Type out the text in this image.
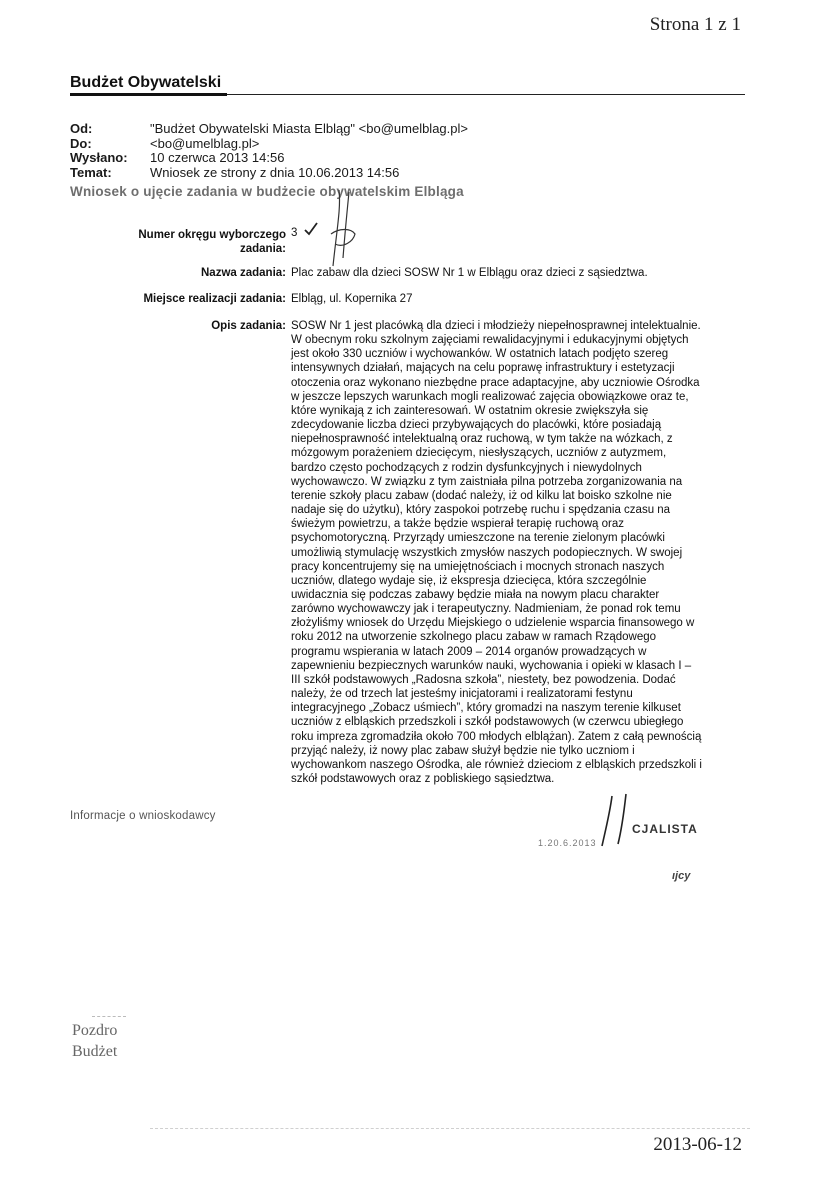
Strona 1 z 1
Budżet Obywatelski
Od:	"Budżet Obywatelski Miasta Elbląg" <bo@umelblag.pl>
Do:	<bo@umelblag.pl>
Wysłano:	10 czerwca 2013 14:56
Temat:	Wniosek ze strony z dnia 10.06.2013 14:56
Wniosek o ujęcie zadania w budżecie obywatelskim Elbląga
Numer okręgu wyborczego
zadania:
3
Nazwa zadania: Plac zabaw dla dzieci SOSW Nr 1 w Elblągu oraz dzieci z sąsiedztwa.
Miejsce realizacji zadania: Elbląg, ul. Kopernika 27
Opis zadania: SOSW Nr 1 jest placówką dla dzieci i młodzieży niepełnosprawnej intelektualnie.
W obecnym roku szkolnym zajęciami rewalidacyjnymi i edukacyjnymi objętych
jest około 330 uczniów i wychowanków. W ostatnich latach podjęto szereg
intensywnych działań, mających na celu poprawę infrastruktury i estetyzacji
otoczenia oraz wykonano niezbędne prace adaptacyjne, aby uczniowie Ośrodka
w jeszcze lepszych warunkach mogli realizować zajęcia obowiązkowe oraz te,
które wynikają z ich zainteresowań. W ostatnim okresie zwiększyła się
zdecydowanie liczba dzieci przybywających do placówki, które posiadają
niepełnosprawność intelektualną oraz ruchową, w tym także na wózkach, z
mózgowym porażeniem dziecięcym, niesłyszących, uczniów z autyzmem,
bardzo często pochodzących z rodzin dysfunkcyjnych i niewydolnych
wychowawczo. W związku z tym zaistniała pilna potrzeba zorganizowania na
terenie szkoły placu zabaw (dodać należy, iż od kilku lat boisko szkolne nie
nadaje się do użytku), który zaspokoi potrzebę ruchu i spędzania czasu na
świeżym powietrzu, a także będzie wspierał terapię ruchową oraz
psychomotoryczną. Przyrządy umieszczone na terenie zielonym placówki
umożliwią stymulację wszystkich zmysłów naszych podopiecznych. W swojej
pracy koncentrujemy się na umiejętnościach i mocnych stronach naszych
uczniów, dlatego wydaje się, iż ekspresja dziecięca, która szczególnie
uwidacznia się podczas zabawy będzie miała na nowym placu charakter
zarówno wychowawczy jak i terapeutyczny. Nadmieniam, że ponad rok temu
złożyliśmy wniosek do Urzędu Miejskiego o udzielenie wsparcia finansowego w
roku 2012 na utworzenie szkolnego placu zabaw w ramach Rządowego
programu wspierania w latach 2009 – 2014 organów prowadzących w
zapewnieniu bezpiecznych warunków nauki, wychowania i opieki w klasach I –
III szkół podstawowych „Radosna szkoła”, niestety, bez powodzenia. Dodać
należy, że od trzech lat jesteśmy inicjatorami i realizatorami festynu
integracyjnego „Zobacz uśmiech”, który gromadzi na naszym terenie kilkuset
uczniów z elbląskich przedszkoli i szkół podstawowych (w czerwcu ubiegłego
roku impreza zgromadziła około 700 młodych elblążan). Zatem z całą pewnością
przyjąć należy, iż nowy plac zabaw służył będzie nie tylko uczniom i
wychowankom naszego Ośrodka, ale również dzieciom z elbląskich przedszkoli i
szkół podstawowych oraz z pobliskiego sąsiedztwa.
Informacje o wnioskodawcy
1.20.6.2013
CJALISTA
ιjcy
Pozdro
Budżet
2013-06-12
